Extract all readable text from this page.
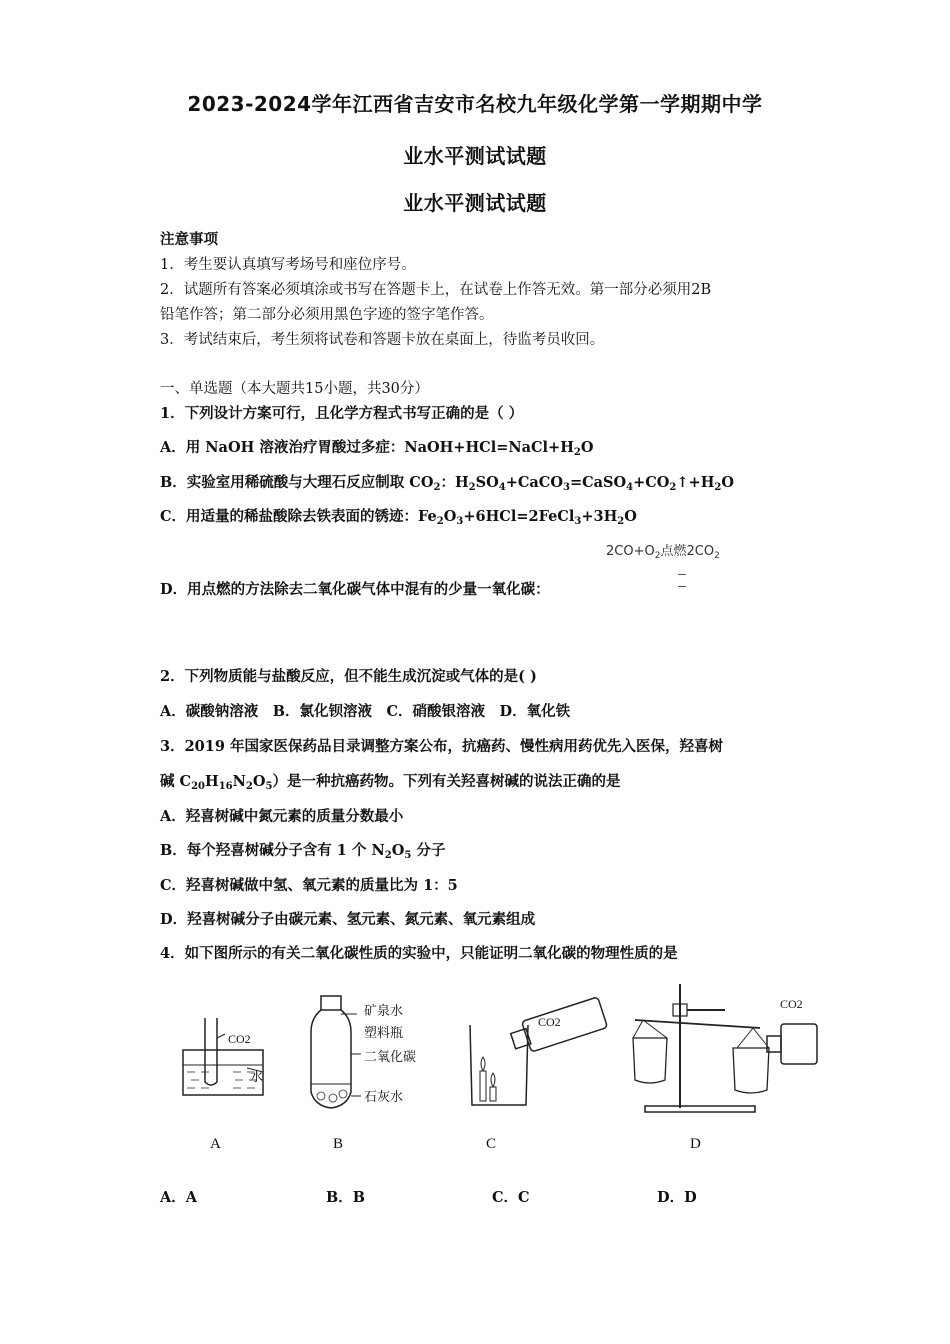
2023-2024学年江西省吉安市名校九年级化学第一学期期中学
业水平测试试题
业水平测试试题
注意事项
1．考生要认真填写考场号和座位序号。
2．试题所有答案必须填涂或书写在答题卡上，在试卷上作答无效。第一部分必须用2B
铅笔作答；第二部分必须用黑色字迹的签字笔作答。
3．考试结束后，考生须将试卷和答题卡放在桌面上，待监考员收回。
一、单选题（本大题共15小题，共30分）
1．下列设计方案可行，且化学方程式书写正确的是（ ）
A．用 NaOH 溶液治疗胃酸过多症：$NaOH+HCl=NaCl+H_2O$
B．实验室用稀硫酸与大理石反应制取 $CO_2$：$H_2SO_4+CaCO_3=CaSO_4+CO_2↑+H_2O$
C．用适量的稀盐酸除去铁表面的锈迹：$Fe_2O_3+6HCl=2FeCl_3+3H_2O$
$2CO+O_2$点燃$2CO_2$
D．用点燃的方法除去二氧化碳气体中混有的少量一氧化碳：
2．下列物质能与盐酸反应，但不能生成沉淀或气体的是( )
A．碳酸钠溶液　B．氯化钡溶液　C．硝酸银溶液　D．氧化铁
3．2019 年国家医保药品目录调整方案公布，抗癌药、慢性病用药优先入医保，羟喜树
碱 $C_{20}H_{16}N_2O_5$）是一种抗癌药物。下列有关羟喜树碱的说法正确的是
A．羟喜树碱中氮元素的质量分数最小
B．每个羟喜树碱分子含有 1 个 $N_2O_5$ 分子
C．羟喜树碱做中氢、氧元素的质量比为 1：5
D．羟喜树碱分子由碳元素、氢元素、氮元素、氧元素组成
4．如下图所示的有关二氧化碳性质的实验中，只能证明二氧化碳的物理性质的是
CO2
水
A
矿泉水
塑料瓶
二氧化碳
石灰水
B
CO2
C
CO2
D
A．A	B．B	C．C	D．D
